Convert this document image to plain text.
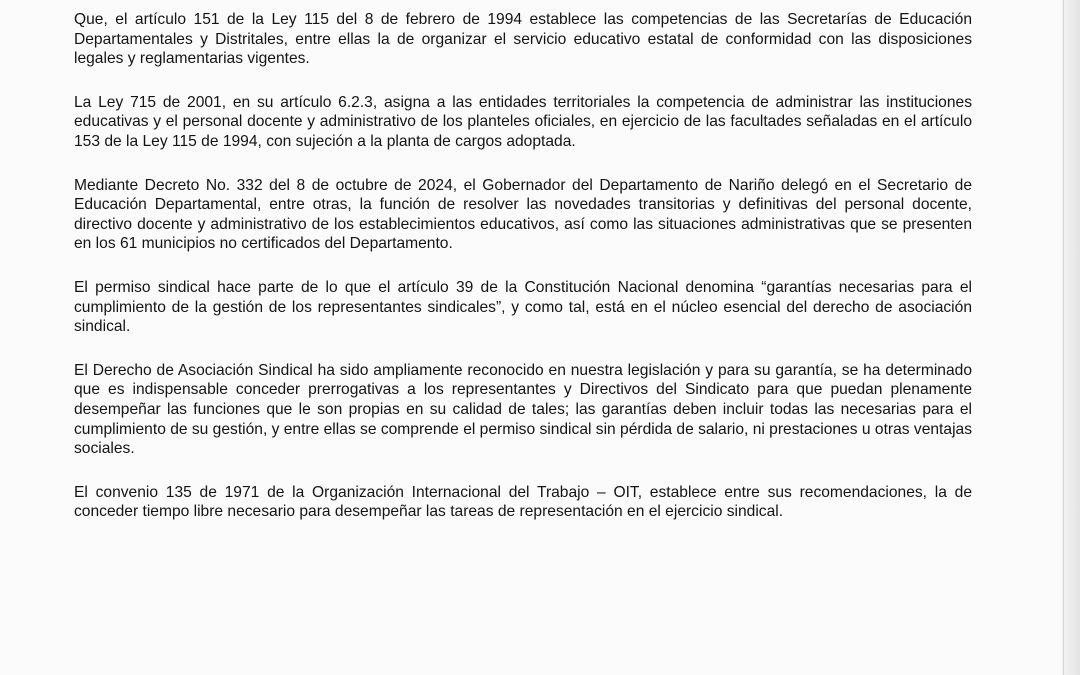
Que, el artículo 151 de la Ley 115 del 8 de febrero de 1994 establece las competencias de las Secretarías de Educación Departamentales y Distritales, entre ellas la de organizar el servicio educativo estatal de conformidad con las disposiciones legales y reglamentarias vigentes.

La Ley 715 de 2001, en su artículo 6.2.3, asigna a las entidades territoriales la competencia de administrar las instituciones educativas y el personal docente y administrativo de los planteles oficiales, en ejercicio de las facultades señaladas en el artículo 153 de la Ley 115 de 1994, con sujeción a la planta de cargos adoptada.

Mediante Decreto No. 332 del 8 de octubre de 2024, el Gobernador del Departamento de Nariño delegó en el Secretario de Educación Departamental, entre otras, la función de resolver las novedades transitorias y definitivas del personal docente, directivo docente y administrativo de los establecimientos educativos, así como las situaciones administrativas que se presenten en los 61 municipios no certificados del Departamento.

El permiso sindical hace parte de lo que el artículo 39 de la Constitución Nacional denomina “garantías necesarias para el cumplimiento de la gestión de los representantes sindicales”, y como tal, está en el núcleo esencial del derecho de asociación sindical.

El Derecho de Asociación Sindical ha sido ampliamente reconocido en nuestra legislación y para su garantía, se ha determinado que es indispensable conceder prerrogativas a los representantes y Directivos del Sindicato para que puedan plenamente desempeñar las funciones que le son propias en su calidad de tales; las garantías deben incluir todas las necesarias para el cumplimiento de su gestión, y entre ellas se comprende el permiso sindical sin pérdida de salario, ni prestaciones u otras ventajas sociales.

El convenio 135 de 1971 de la Organización Internacional del Trabajo – OIT, establece entre sus recomendaciones, la de conceder tiempo libre necesario para desempeñar las tareas de representación en el ejercicio sindical.
